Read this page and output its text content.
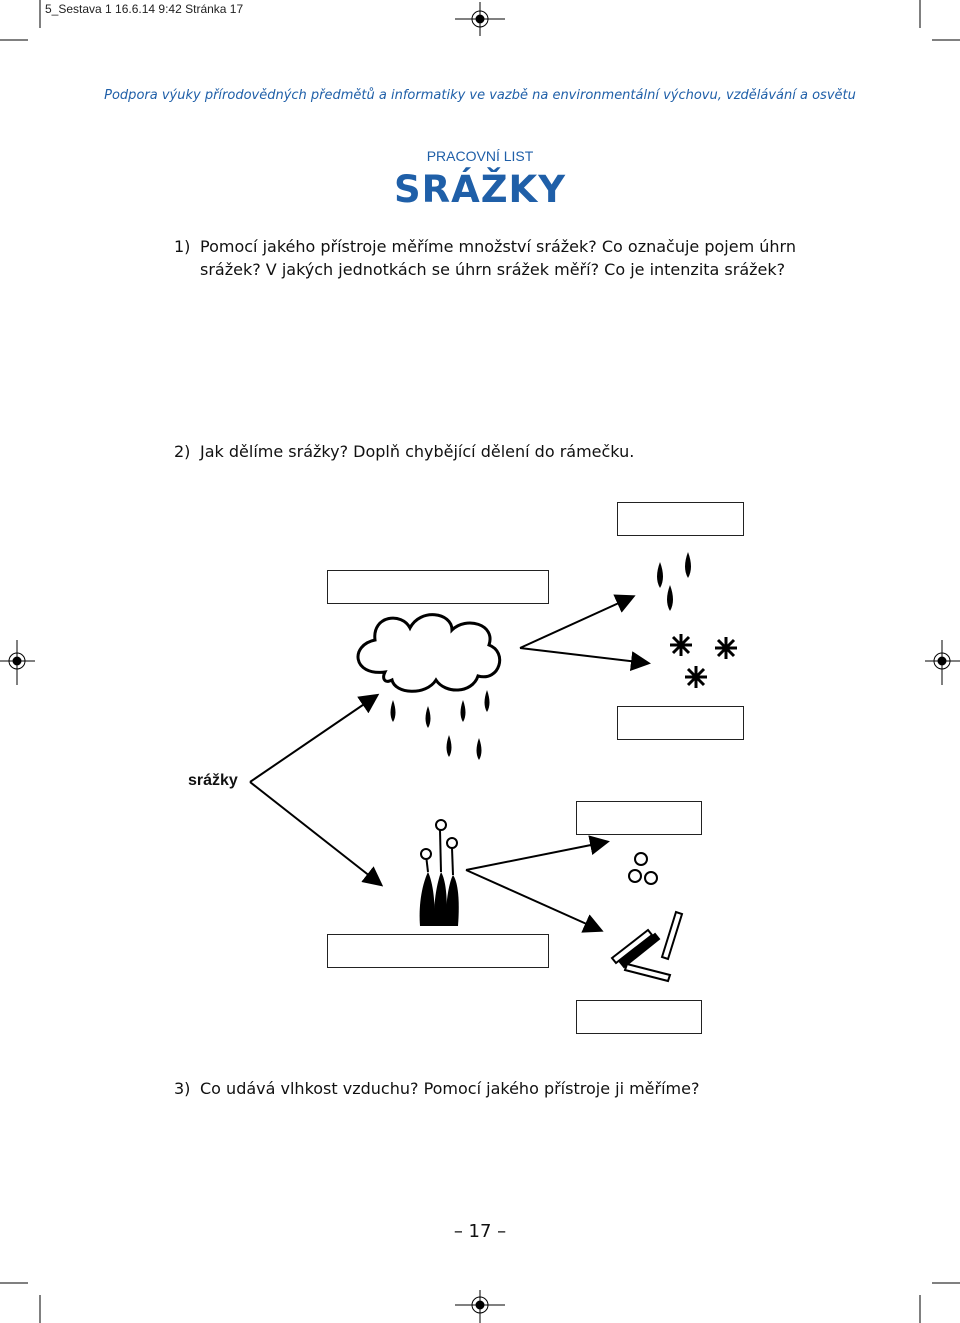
5_Sestava 1 16.6.14 9:42 Stránka 17
Podpora výuky přírodovědných předmětů a informatiky ve vazbě na environmentální výchovu, vzdělávání a osvětu
PRACOVNÍ LIST
SRÁŽKY
1) Pomocí jakého přístroje měříme množství srážek? Co označuje pojem úhrn
srážek? V jakých jednotkách se úhrn srážek měří? Co je intenzita srážek?
2) Jak dělíme srážky? Doplň chybějící dělení do rámečku.
srážky
3) Co udává vlhkost vzduchu? Pomocí jakého přístroje ji měříme?
– 17 –
